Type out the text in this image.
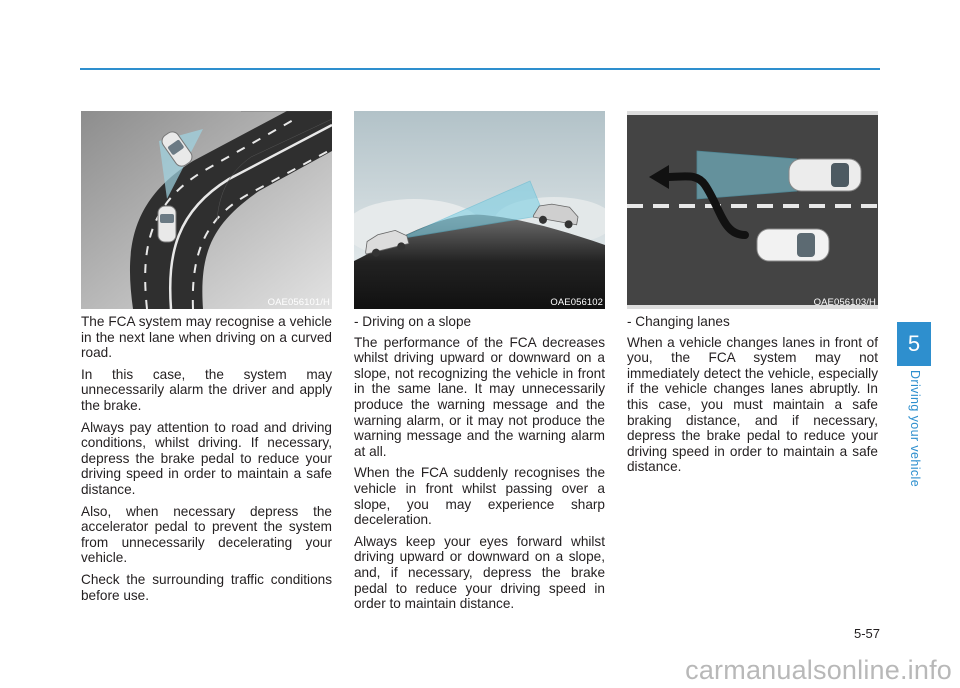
OAE056101/H	OAE056102	OAE056103/H

The FCA system may recognise a vehicle in the next lane when driving on a curved road.

In this case, the system may unnecessarily alarm the driver and apply the brake.

Always pay attention to road and driving conditions, whilst driving. If necessary, depress the brake pedal to reduce your driving speed in order to maintain a safe distance.

Also, when necessary depress the accelerator pedal to prevent the system from unnecessarily decelerating your vehicle.

Check the surrounding traffic conditions before use.

- Driving on a slope

The performance of the FCA decreases whilst driving upward or downward on a slope, not recognizing the vehicle in front in the same lane. It may unnecessarily produce the warning message and the warning alarm, or it may not produce the warning message and the warning alarm at all.

When the FCA suddenly recognises the vehicle in front whilst passing over a slope, you may experience sharp deceleration.

Always keep your eyes forward whilst driving upward or downward on a slope, and, if necessary, depress the brake pedal to reduce your driving speed in order to maintain distance.

- Changing lanes

When a vehicle changes lanes in front of you, the FCA system may not immediately detect the vehicle, especially if the vehicle changes lanes abruptly. In this case, you must maintain a safe braking distance, and if necessary, depress the brake pedal to reduce your driving speed in order to maintain a safe distance.

5
Driving your vehicle
5-57
carmanualsonline.info
